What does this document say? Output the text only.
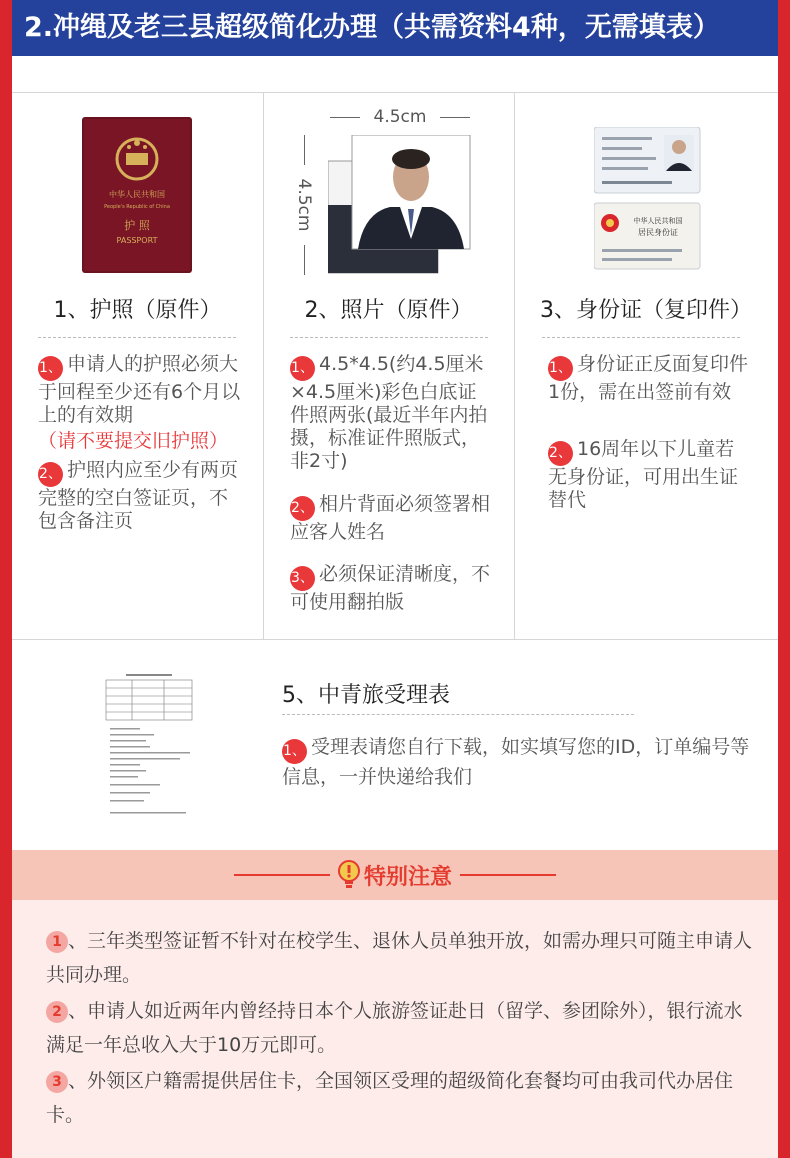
2.冲绳及老三县超级简化办理（共需资料4种，无需填表）
中华人民共和国
People's Republic of China
护 照
PASSPORT
1、护照（原件）
1、 申请人的护照必须大于回程至少还有6个月以上的有效期
（请不要提交旧护照）
2、 护照内应至少有两页完整的空白签证页，不包含备注页
4.5cm
4.5cm
2、照片（原件）
1、 4.5*4.5(约4.5厘米×4.5厘米)彩色白底证件照两张(最近半年内拍摄，标准证件照版式，非2寸)
2、 相片背面必须签署相应客人姓名
3、 必须保证清晰度，不可使用翻拍版
中华人民共和国
居民身份证
3、身份证（复印件）
1、 身份证正反面复印件1份，需在出签前有效
2、 16周年以下儿童若无身份证，可用出生证替代
5、中青旅受理表
1、 受理表请您自行下载，如实填写您的ID，订单编号等信息，一并快递给我们
特别注意
1 、三年类型签证暂不针对在校学生、退休人员单独开放，如需办理只可随主申请人共同办理。
2 、申请人如近两年内曾经持日本个人旅游签证赴日（留学、参团除外），银行流水满足一年总收入大于10万元即可。
3 、外领区户籍需提供居住卡，全国领区受理的超级简化套餐均可由我司代办居住卡。
